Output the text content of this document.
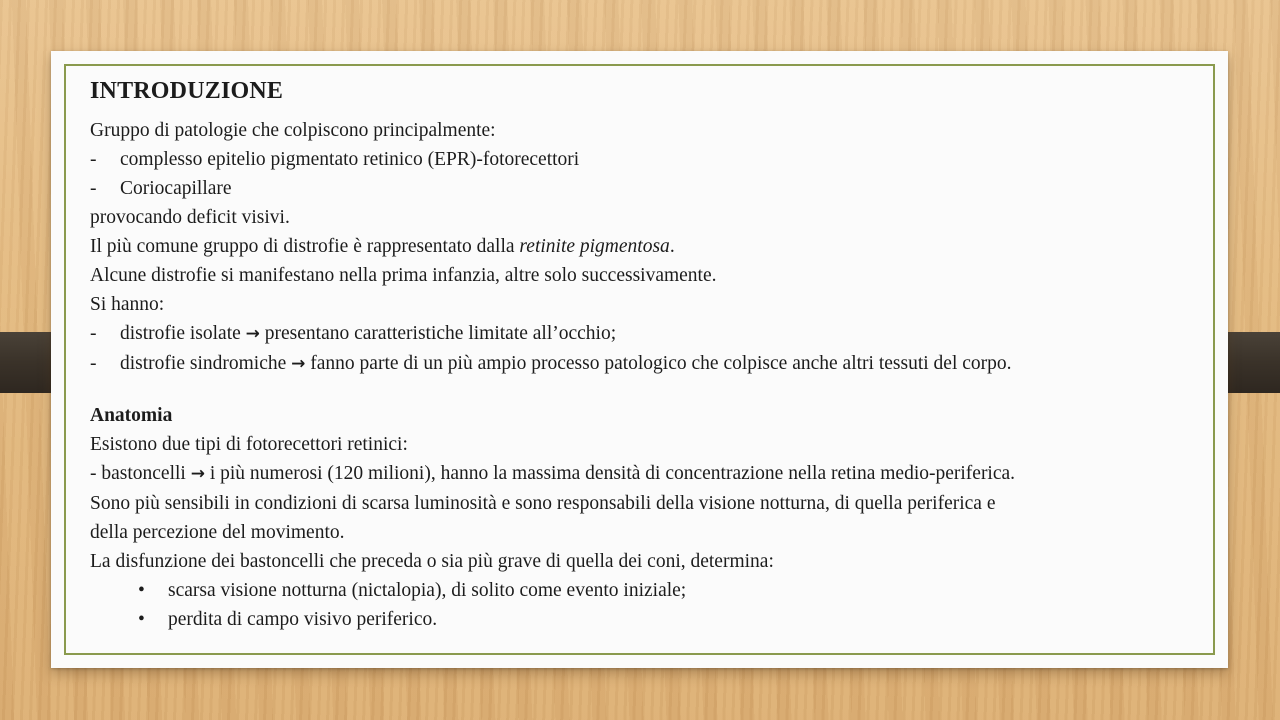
INTRODUZIONE

Gruppo di patologie che colpiscono principalmente:

- complesso epitelio pigmentato retinico (EPR)-fotorecettori

- Coriocapillare

provocando deficit visivi.

Il più comune gruppo di distrofie è rappresentato dalla retinite pigmentosa.

Alcune distrofie si manifestano nella prima infanzia, altre solo successivamente.

Si hanno:

- distrofie isolate → presentano caratteristiche limitate all’occhio;

- distrofie sindromiche → fanno parte di un più ampio processo patologico che colpisce anche altri tessuti del corpo.

Anatomia

Esistono due tipi di fotorecettori retinici:

- bastoncelli → i più numerosi (120 milioni), hanno la massima densità di concentrazione nella retina medio-periferica.

Sono più sensibili in condizioni di scarsa luminosità e sono responsabili della visione notturna, di quella periferica e

della percezione del movimento.

La disfunzione dei bastoncelli che preceda o sia più grave di quella dei coni, determina:

• scarsa visione notturna (nictalopia), di solito come evento iniziale;

• perdita di campo visivo periferico.
